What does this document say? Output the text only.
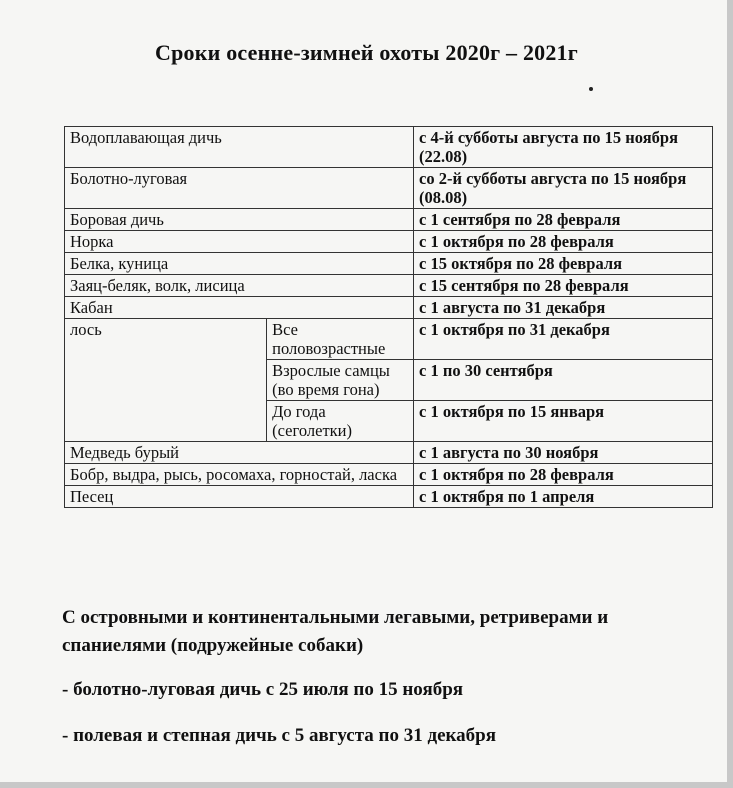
Сроки осенне-зимней охоты 2020г – 2021г
Водоплавающая дичь		с 4-й субботы августа по 15 ноября (22.08)
Болотно-луговая		со 2-й субботы августа по 15 ноября (08.08)
Боровая дичь		с 1 сентября по 28 февраля
Норка		с 1 октября по 28 февраля
Белка, куница		с 15 октября по 28 февраля
Заяц-беляк, волк, лисица		с 15 сентября по 28 февраля
Кабан		с 1 августа по 31 декабря
лось	Все половозрастные	с 1 октября по 31 декабря
	Взрослые самцы (во время гона)	с 1 по 30 сентября
	До года (сеголетки)	с 1 октября по 15 января
Медведь бурый		с 1 августа по 30 ноября
Бобр, выдра, рысь, росомаха, горностай, ласка		с 1 октября по 28 февраля
Песец		с 1 октября по 1 апреля

С островными и континентальными легавыми, ретриверами и спаниелями (подружейные собаки)

- болотно-луговая дичь с 25 июля по 15 ноября

- полевая и степная дичь с 5 августа по 31 декабря
